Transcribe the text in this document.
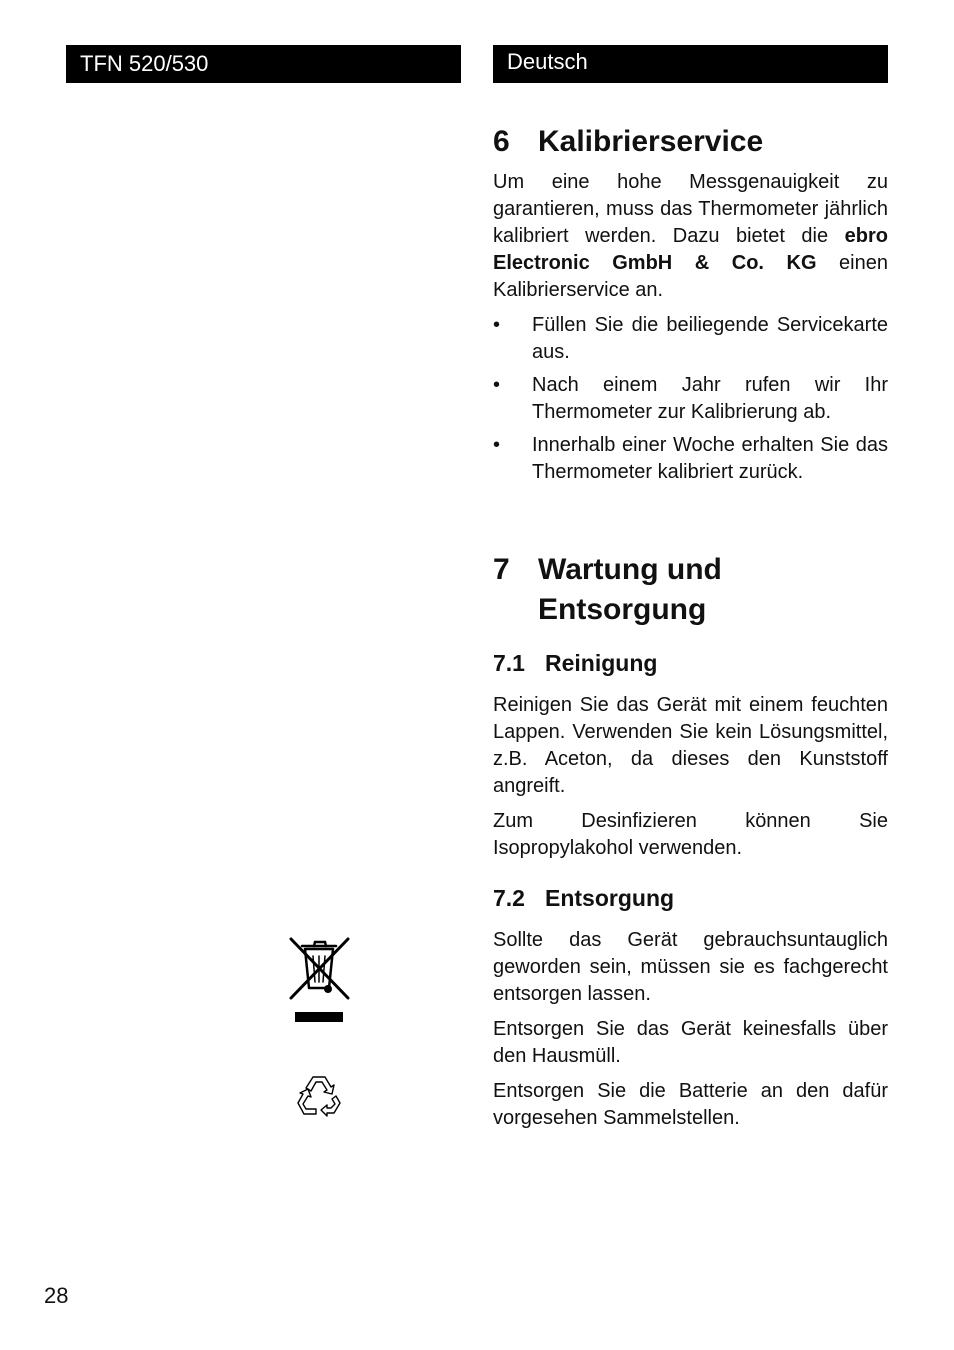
TFN 520/530	Deutsch
6 Kalibrierservice

Um eine hohe Messgenauigkeit zu garantieren, muss das Thermometer jährlich kalibriert werden. Dazu bietet die ebro Electronic GmbH & Co. KG einen Kalibrierservice an.

• Füllen Sie die beiliegende Servicekarte aus.
• Nach einem Jahr rufen wir Ihr Thermometer zur Kalibrierung ab.
• Innerhalb einer Woche erhalten Sie das Thermometer kalibriert zurück.
7 Wartung und Entsorgung
7.1 Reinigung

Reinigen Sie das Gerät mit einem feuchten Lappen. Verwenden Sie kein Lösungsmittel, z.B. Aceton, da dieses den Kunststoff angreift.

Zum Desinfizieren können Sie Isopropylakohol verwenden.

7.2 Entsorgung

Sollte das Gerät gebrauchsuntauglich geworden sein, müssen sie es fachgerecht entsorgen lassen.

Entsorgen Sie das Gerät keinesfalls über den Hausmüll.

Entsorgen Sie die Batterie an den dafür vorgesehen Sammelstellen.

28
